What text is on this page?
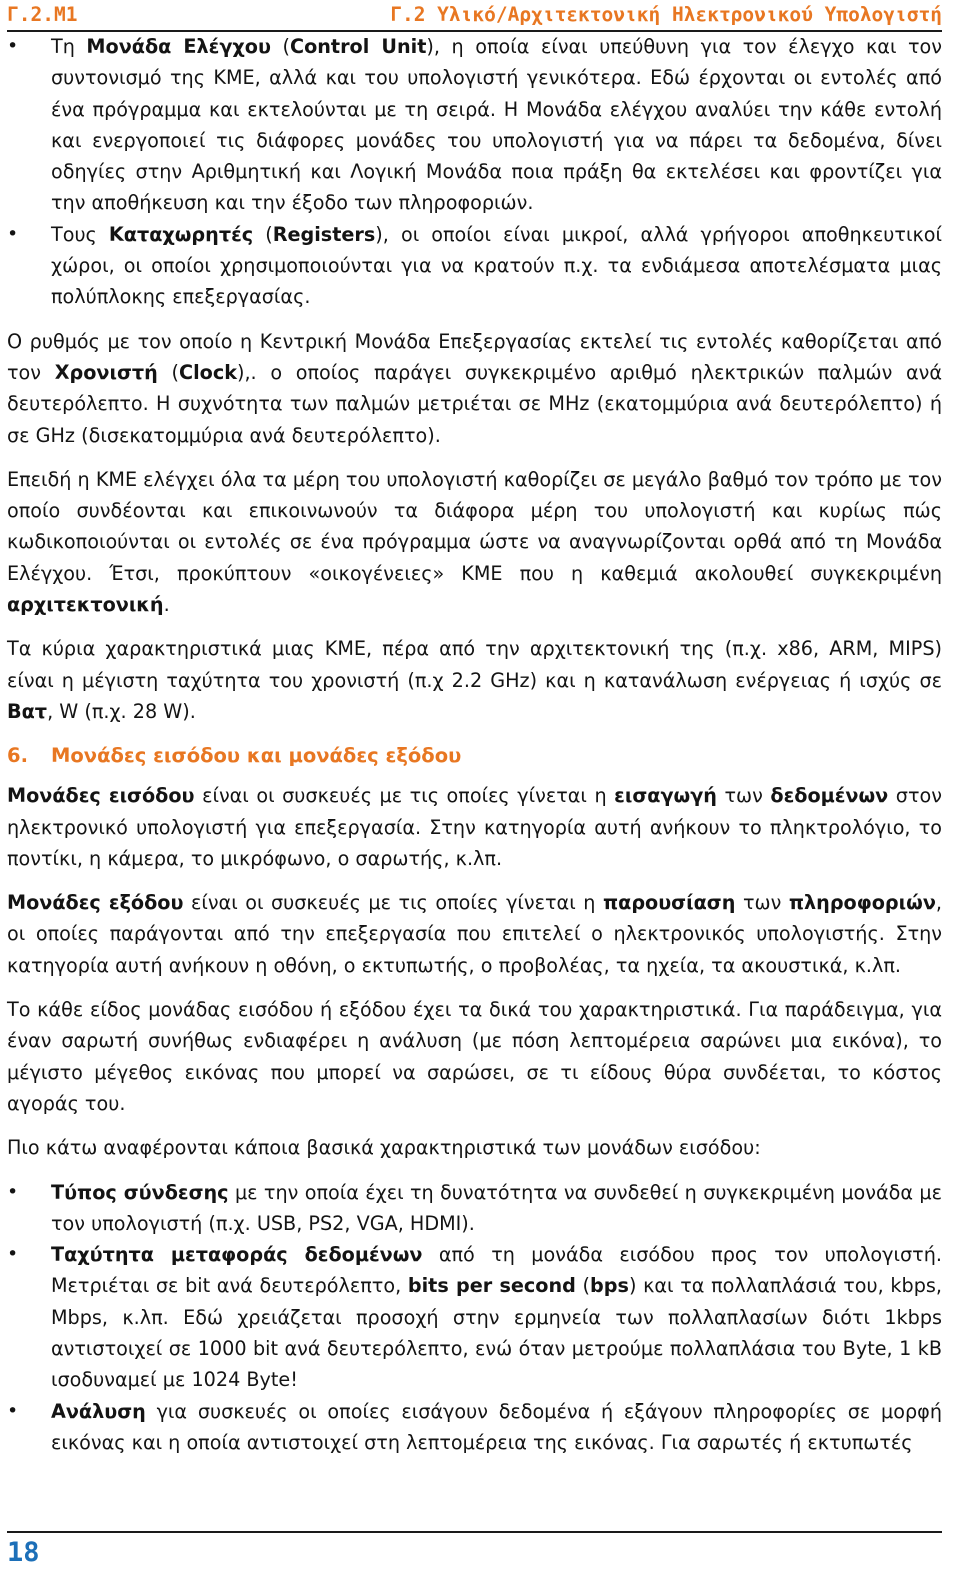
Γ.2.Μ1	Γ.2 Υλικό/Αρχιτεκτονική Ηλεκτρονικού Υπολογιστή
• Τη Μονάδα Ελέγχου (Control Unit), η οποία είναι υπεύθυνη για τον έλεγχο και τον συντονισμό της ΚΜΕ, αλλά και του υπολογιστή γενικότερα. Εδώ έρχονται οι εντολές από ένα πρόγραμμα και εκτελούνται με τη σειρά. Η Μονάδα ελέγχου αναλύει την κάθε εντολή και ενεργοποιεί τις διάφορες μονάδες του υπολογιστή για να πάρει τα δεδομένα, δίνει οδηγίες στην Αριθμητική και Λογική Μονάδα ποια πράξη θα εκτελέσει και φροντίζει για την αποθήκευση και την έξοδο των πληροφοριών.
• Τους Καταχωρητές (Registers), οι οποίοι είναι μικροί, αλλά γρήγοροι αποθηκευτικοί χώροι, οι οποίοι χρησιμοποιούνται για να κρατούν π.χ. τα ενδιάμεσα αποτελέσματα μιας πολύπλοκης επεξεργασίας.

Ο ρυθμός με τον οποίο η Κεντρική Μονάδα Επεξεργασίας εκτελεί τις εντολές καθορίζεται από τον Χρονιστή (Clock),. ο οποίος παράγει συγκεκριμένο αριθμό ηλεκτρικών παλμών ανά δευτερόλεπτο. Η συχνότητα των παλμών μετριέται σε MHz (εκατομμύρια ανά δευτερόλεπτο) ή σε GHz (δισεκατομμύρια ανά δευτερόλεπτο).

Επειδή η ΚΜΕ ελέγχει όλα τα μέρη του υπολογιστή καθορίζει σε μεγάλο βαθμό τον τρόπο με τον οποίο συνδέονται και επικοινωνούν τα διάφορα μέρη του υπολογιστή και κυρίως πώς κωδικοποιούνται οι εντολές σε ένα πρόγραμμα ώστε να αναγνωρίζονται ορθά από τη Μονάδα Ελέγχου. Έτσι, προκύπτουν «οικογένειες» ΚΜΕ που η καθεμιά ακολουθεί συγκεκριμένη αρχιτεκτονική.

Τα κύρια χαρακτηριστικά μιας ΚΜΕ, πέρα από την αρχιτεκτονική της (π.χ. x86, ARM, MIPS) είναι η μέγιστη ταχύτητα του χρονιστή (π.χ 2.2 GHz) και η κατανάλωση ενέργειας ή ισχύς σε Βατ, W (π.χ. 28 W).

6. Μονάδες εισόδου και μονάδες εξόδου

Μονάδες εισόδου είναι οι συσκευές με τις οποίες γίνεται η εισαγωγή των δεδομένων στον ηλεκτρονικό υπολογιστή για επεξεργασία. Στην κατηγορία αυτή ανήκουν το πληκτρολόγιο, το ποντίκι, η κάμερα, το μικρόφωνο, ο σαρωτής, κ.λπ.

Μονάδες εξόδου είναι οι συσκευές με τις οποίες γίνεται η παρουσίαση των πληροφοριών, οι οποίες παράγονται από την επεξεργασία που επιτελεί ο ηλεκτρονικός υπολογιστής. Στην κατηγορία αυτή ανήκουν η οθόνη, ο εκτυπωτής, ο προβολέας, τα ηχεία, τα ακουστικά, κ.λπ.

Το κάθε είδος μονάδας εισόδου ή εξόδου έχει τα δικά του χαρακτηριστικά. Για παράδειγμα, για έναν σαρωτή συνήθως ενδιαφέρει η ανάλυση (με πόση λεπτομέρεια σαρώνει μια εικόνα), το μέγιστο μέγεθος εικόνας που μπορεί να σαρώσει, σε τι είδους θύρα συνδέεται, το κόστος αγοράς του.

Πιο κάτω αναφέρονται κάποια βασικά χαρακτηριστικά των μονάδων εισόδου:

• Τύπος σύνδεσης με την οποία έχει τη δυνατότητα να συνδεθεί η συγκεκριμένη μονάδα με τον υπολογιστή (π.χ. USB, PS2, VGA, HDMI).
• Ταχύτητα μεταφοράς δεδομένων από τη μονάδα εισόδου προς τον υπολογιστή. Μετριέται σε bit ανά δευτερόλεπτο, bits per second (bps) και τα πολλαπλάσιά του, kbps, Mbps, κ.λπ. Εδώ χρειάζεται προσοχή στην ερμηνεία των πολλαπλασίων διότι 1kbps αντιστοιχεί σε 1000 bit ανά δευτερόλεπτο, ενώ όταν μετρούμε πολλαπλάσια του Byte, 1 kB ισοδυναμεί με 1024 Byte!
• Ανάλυση για συσκευές οι οποίες εισάγουν δεδομένα ή εξάγουν πληροφορίες σε μορφή εικόνας και η οποία αντιστοιχεί στη λεπτομέρεια της εικόνας. Για σαρωτές ή εκτυπωτές
18
